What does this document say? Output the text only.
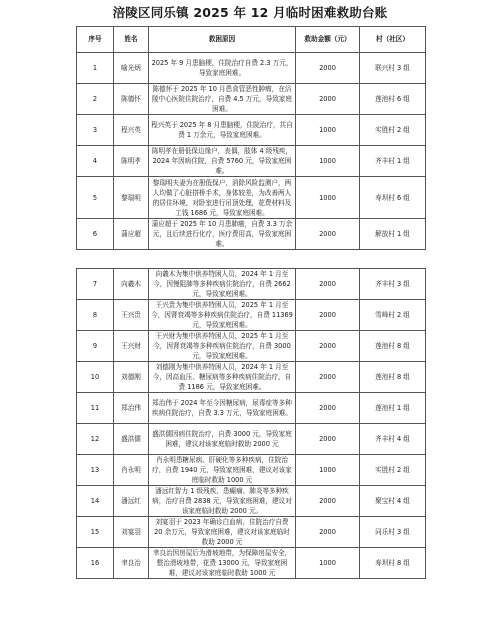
涪陵区同乐镇 2025 年 12 月临时困难救助台账
序号	姓名	救困原因	救助金额（元）	村（社区）
1	喻光炳	2025 年 9 月患脑梗，住院治疗自费 2.3 万元，导致家庭困难。	2000	联兴村 3 组
2	陈德怀	陈德怀于 2025 年 10 月患食管恶性肿瘤，在涪陵中心医院住院治疗，自费 4.5 万元，导致家庭困难。	2000	莲池村 6 组
3	程兴英	程兴英于 2025 年 8 月患脑梗，住院治疗，共自费 1 万余元，导致家庭困难。	1000	实胜村 2 组
4	陈明孝	陈明孝在册低保边缘户，丧偶，肢体 4 级残疾，2024 年因病住院，自费 5760 元，导致家庭困难。	1000	齐丰村 1 组
5	黎瑞明	黎瑞明夫妻为在册低保户，消除风险监测户，两人均做了心脏搭桥手术，身体较差，为改善两人的居住环境，对卧室进行吊顶处理，花费材料及工钱 1686 元，导致家庭困难。	1000	寿坝村 6 组
6	蒲应超	蒲应超于 2025 年 10 月患肺癌，自费 3.3 万余元，且后续进行化疗，医疗费用高，导致家庭困难。	2000	解放村 1 组
7	向羲木	向羲木为集中供养特困人员，2024 年 1 月至今，因慢阻肺等多种疾病住院治疗，自费 2662 元，导致家庭困难。	2000	齐丰村 3 组
8	王兴贵	王兴贵为集中供养特困人员，2025 年 1 月至今，因肾衰竭等多种疾病住院治疗，自费 11369 元，导致家庭困难。	2000	雪峰村 2 组
9	王兴财	王兴财为集中供养特困人员，2025 年 1 月至今，因肾衰竭等多种疾病住院治疗，自费 3000 元，导致家庭困难。	2000	莲池村 8 组
10	刘德刚	刘德刚为集中供养特困人员，2024 年 1 月至今，因高血压、糖尿病等多种疾病住院治疗，自费 1186 元，导致家庭困难。	2000	莲池村 8 组
11	郑治伟	郑治伟于 2024 年至今因糖尿病，尿毒症等多种疾病住院治疗，自费 3.3 万元，导致家庭困难。	2000	莲池村 1 组
12	盛洪儒	盛洪儒因病住院治疗，自费 3000 元，导致家庭困难，建议对该家庭临时救助 2000 元	2000	齐丰村 4 组
13	肖永明	肖永明患糖尿病、肝硬化等多种疾病，住院治疗，自费 1940 元，导致家庭困难，建议对该家庭临时救助 1000 元	1000	实胜村 2 组
14	潘远红	潘远红智力 1 级残疾，患癫痫、肺炎等多种疾病，治疗自费 2838 元，导致家庭困难，建议对该家庭临时救助 2000 元。	2000	聚宝村 4 组
15	刘宴羽	刘宴羽于 2023 年确诊白血病，住院治疗自费 20 余万元，导致家庭困难，建议对该家庭临时救助 2000 元	2000	同乐村 3 组
16	聿良治	聿良治因房屋后为滑坡地带，为保障房屋安全，整治滑坡地带，花费 13000 元，导致家庭困难，建议对该家庭临时救助 1000 元	1000	寿坝村 8 组
